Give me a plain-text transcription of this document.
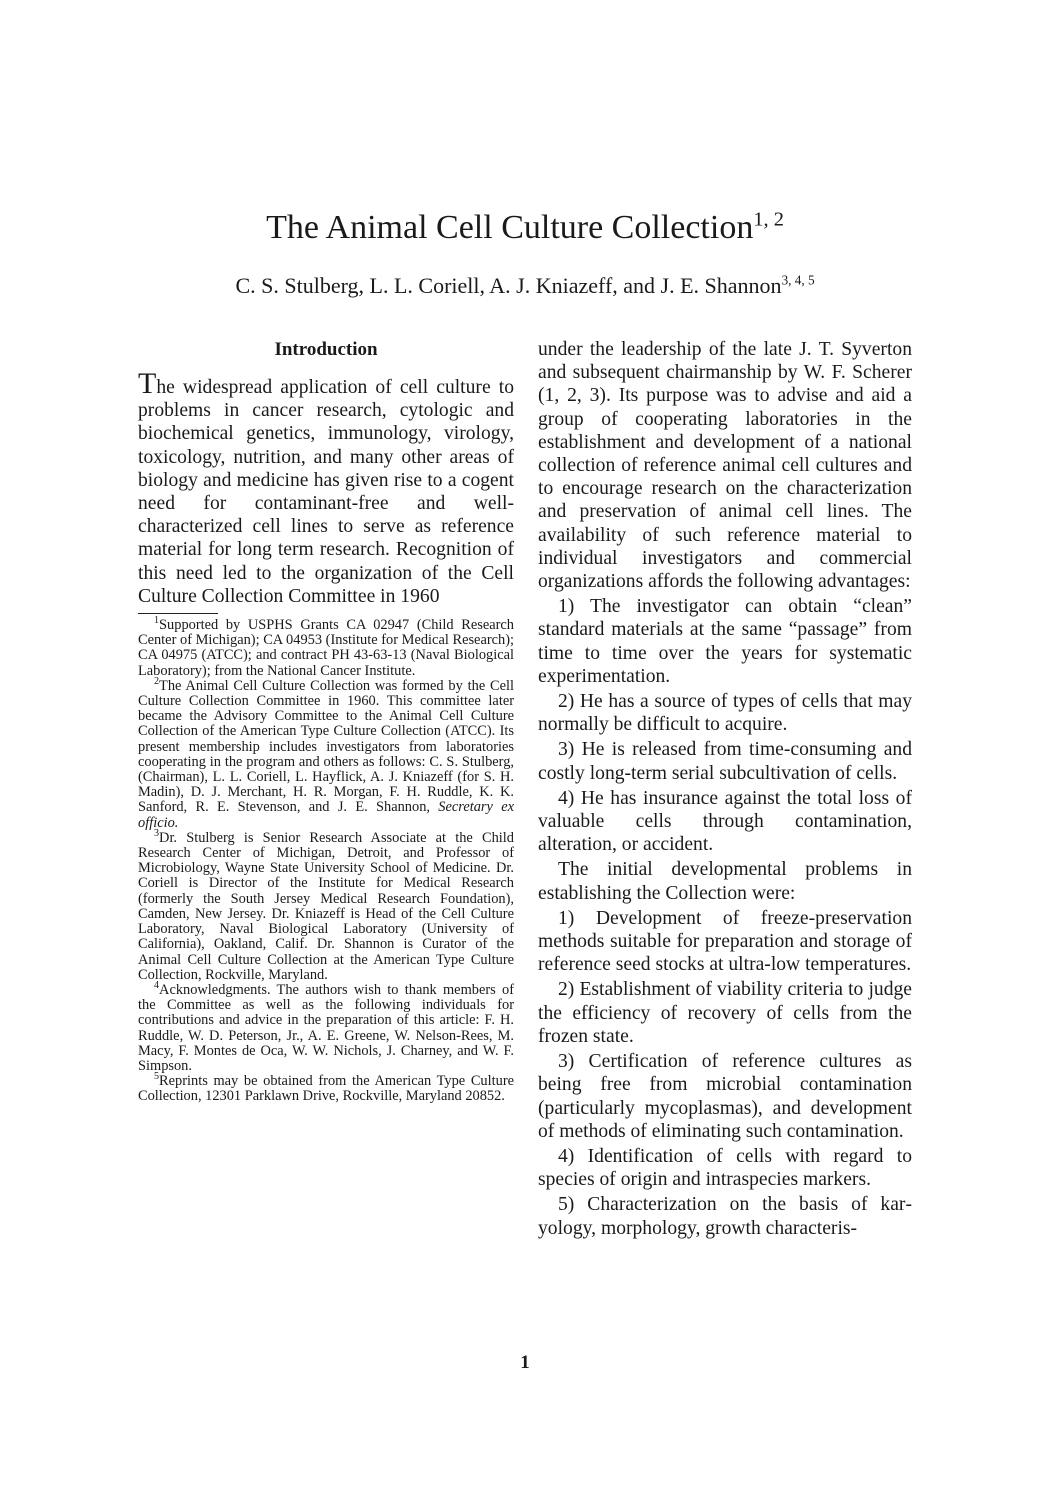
The Animal Cell Culture Collection$^{1, 2}$

C. S. Stulberg, L. L. Coriell, A. J. Kniazeff, and J. E. Shannon$^{3, 4, 5}$

Introduction

The widespread application of cell culture to problems in cancer research, cytologic and biochemical genetics, immunology, virology, toxicology, nutrition, and many other areas of biology and medicine has given rise to a cogent need for contaminant-free and well-characterized cell lines to serve as reference material for long term research. Recognition of this need led to the organization of the Cell Culture Collection Committee in 1960

$^1$Supported by USPHS Grants CA 02947 (Child Research Center of Michigan); CA 04953 (Institute for Medical Research); CA 04975 (ATCC); and contract PH 43-63-13 (Naval Biological Laboratory); from the National Cancer Institute.

$^2$The Animal Cell Culture Collection was formed by the Cell Culture Collection Committee in 1960. This committee later became the Advisory Committee to the Animal Cell Culture Collection of the American Type Culture Collection (ATCC). Its present membership includes investigators from laboratories cooperating in the program and others as follows: C. S. Stulberg, (Chairman), L. L. Coriell, L. Hayflick, A. J. Kniazeff (for S. H. Madin), D. J. Merchant, H. R. Morgan, F. H. Ruddle, K. K. Sanford, R. E. Stevenson, and J. E. Shannon, Secretary ex officio.

$^3$Dr. Stulberg is Senior Research Associate at the Child Research Center of Michigan, Detroit, and Professor of Microbiology, Wayne State University School of Medicine. Dr. Coriell is Director of the Institute for Medical Research (formerly the South Jersey Medical Research Foundation), Camden, New Jersey. Dr. Kniazeff is Head of the Cell Culture Laboratory, Naval Biological Laboratory (University of California), Oakland, Calif. Dr. Shannon is Curator of the Animal Cell Culture Collection at the American Type Culture Collection, Rockville, Maryland.

$^4$Acknowledgments. The authors wish to thank members of the Committee as well as the following individuals for contributions and advice in the preparation of this article: F. H. Ruddle, W. D. Peterson, Jr., A. E. Greene, W. Nelson-Rees, M. Macy, F. Montes de Oca, W. W. Nichols, J. Charney, and W. F. Simpson.

$^5$Reprints may be obtained from the American Type Culture Collection, 12301 Parklawn Drive, Rockville, Maryland 20852.

under the leadership of the late J. T. Syverton and subsequent chairmanship by W. F. Scherer (1, 2, 3). Its purpose was to advise and aid a group of cooperating laboratories in the establishment and development of a national collection of reference animal cell cultures and to encourage research on the characterization and preservation of animal cell lines. The availability of such reference material to individual investigators and commercial organizations affords the following advantages:

1) The investigator can obtain “clean” standard materials at the same “passage” from time to time over the years for systematic experimentation.

2) He has a source of types of cells that may normally be difficult to acquire.

3) He is released from time-consuming and costly long-term serial subcultivation of cells.

4) He has insurance against the total loss of valuable cells through contamination, alteration, or accident.

The initial developmental problems in establishing the Collection were:

1) Development of freeze-preservation methods suitable for preparation and storage of reference seed stocks at ultra-low temperatures.

2) Establishment of viability criteria to judge the efficiency of recovery of cells from the frozen state.

3) Certification of reference cultures as being free from microbial contamination (particularly mycoplasmas), and development of methods of eliminating such contamination.

4) Identification of cells with regard to species of origin and intraspecies markers.

5) Characterization on the basis of karyology, morphology, growth characteris-

1
